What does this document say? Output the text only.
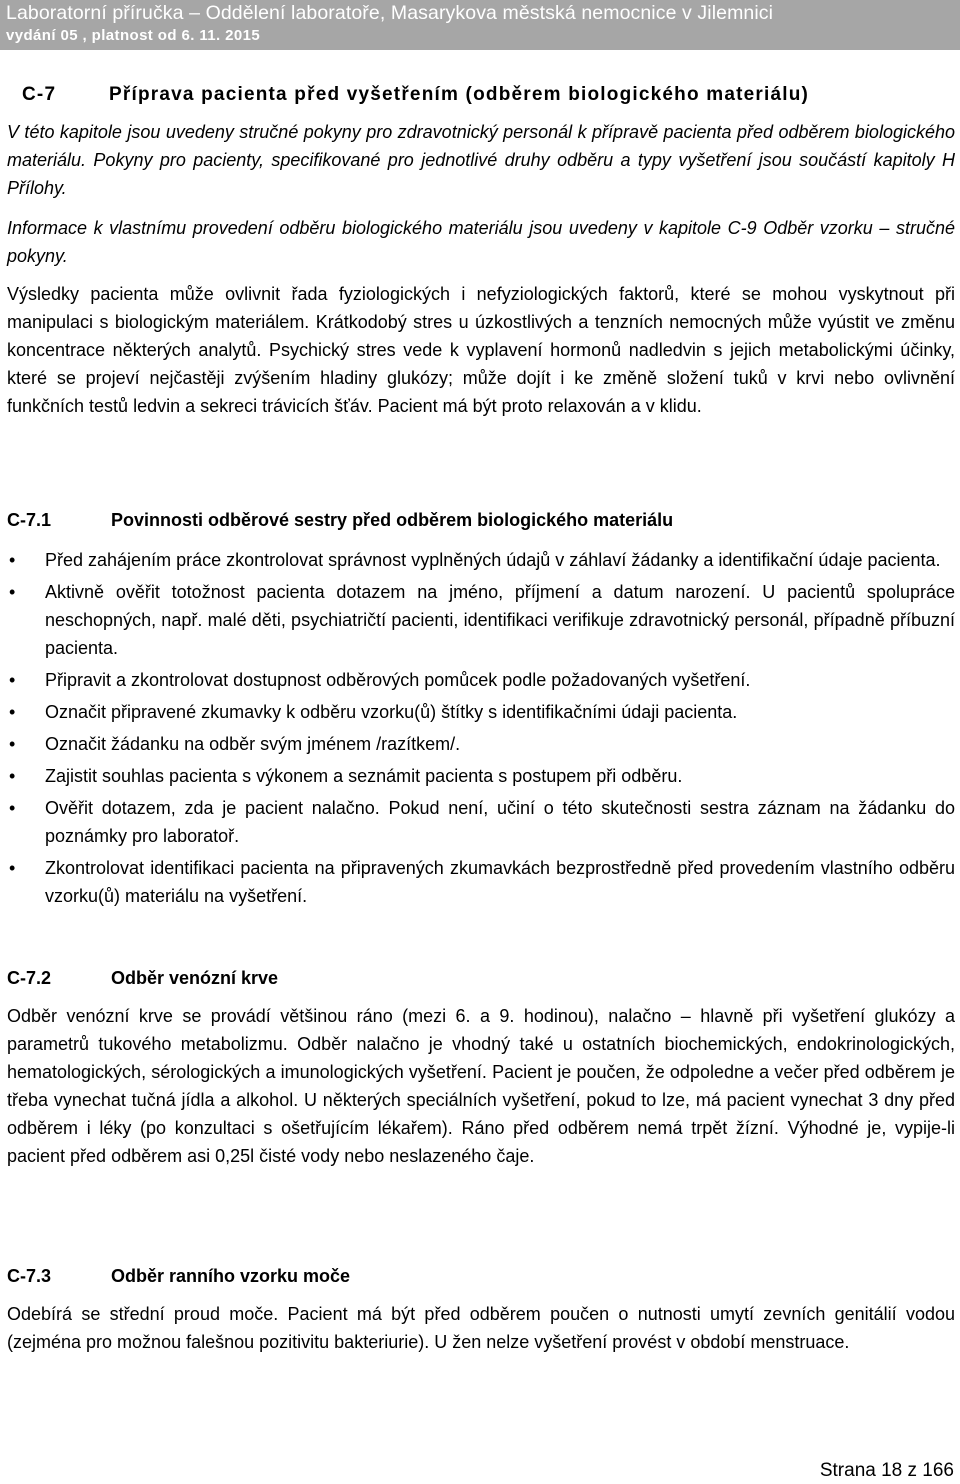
Laboratorní příručka – Oddělení laboratoře, Masarykova městská nemocnice v Jilemnici
vydání 05 , platnost od 6. 11. 2015
C-7	Příprava pacienta před vyšetřením (odběrem biologického materiálu)

V této kapitole jsou uvedeny stručné pokyny pro zdravotnický personál k přípravě pacienta před odběrem biologického materiálu. Pokyny pro pacienty, specifikované pro jednotlivé druhy odběru a typy vyšetření jsou součástí kapitoly H Přílohy.

Informace k vlastnímu provedení odběru biologického materiálu jsou uvedeny v kapitole C-9 Odběr vzorku – stručné pokyny.

Výsledky pacienta může ovlivnit řada fyziologických i nefyziologických faktorů, které se mohou vyskytnout při manipulaci s biologickým materiálem. Krátkodobý stres u úzkostlivých a tenzních nemocných může vyústit ve změnu koncentrace některých analytů. Psychický stres vede k vyplavení hormonů nadledvin s jejich metabolickými účinky, které se projeví nejčastěji zvýšením hladiny glukózy; může dojít i ke změně složení tuků v krvi nebo ovlivnění funkčních testů ledvin a sekreci trávicích šťáv. Pacient má být proto relaxován a v klidu.

C-7.1	Povinnosti odběrové sestry před odběrem biologického materiálu
• Před zahájením práce zkontrolovat správnost vyplněných údajů v záhlaví žádanky a identifikační údaje pacienta.
• Aktivně ověřit totožnost pacienta dotazem na jméno, příjmení a datum narození. U pacientů spolupráce neschopných, např. malé děti, psychiatričtí pacienti, identifikaci verifikuje zdravotnický personál, případně příbuzní pacienta.
• Připravit a zkontrolovat dostupnost odběrových pomůcek podle požadovaných vyšetření.
• Označit připravené zkumavky k odběru vzorku(ů) štítky s identifikačními údaji pacienta.
• Označit žádanku na odběr svým jménem /razítkem/.
• Zajistit souhlas pacienta s výkonem a seznámit pacienta s postupem při odběru.
• Ověřit dotazem, zda je pacient nalačno. Pokud není, učiní o této skutečnosti sestra záznam na žádanku do poznámky pro laboratoř.
• Zkontrolovat identifikaci pacienta na připravených zkumavkách bezprostředně před provedením vlastního odběru vzorku(ů) materiálu na vyšetření.
C-7.2	Odběr venózní krve

Odběr venózní krve se provádí většinou ráno (mezi 6. a 9. hodinou), nalačno – hlavně při vyšetření glukózy a parametrů tukového metabolizmu. Odběr nalačno je vhodný také u ostatních biochemických, endokrinologických, hematologických, sérologických a imunologických vyšetření. Pacient je poučen, že odpoledne a večer před odběrem je třeba vynechat tučná jídla a alkohol. U některých speciálních vyšetření, pokud to lze, má pacient vynechat 3 dny před odběrem i léky (po konzultaci s ošetřujícím lékařem). Ráno před odběrem nemá trpět žízní. Výhodné je, vypije-li pacient před odběrem asi 0,25l čisté vody nebo neslazeného čaje.

C-7.3	Odběr ranního vzorku moče

Odebírá se střední proud moče. Pacient má být před odběrem poučen o nutnosti umytí zevních genitálií vodou (zejména pro možnou falešnou pozitivitu bakteriurie). U žen nelze vyšetření provést v období menstruace.

Strana 18 z 166
